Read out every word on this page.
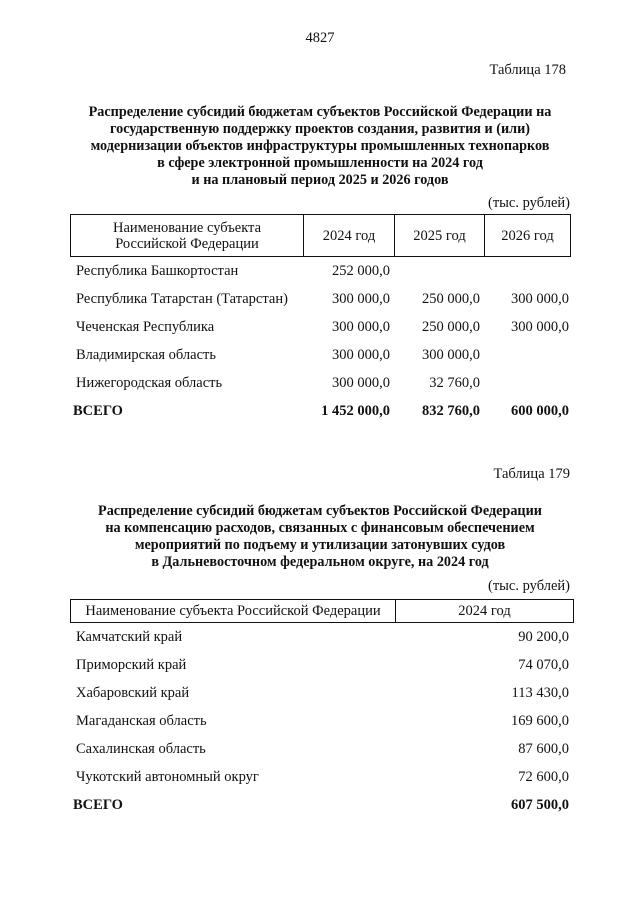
4827
Таблица 178
Распределение субсидий бюджетам субъектов Российской Федерации на
государственную поддержку проектов создания, развития и (или)
модернизации объектов инфраструктуры промышленных технопарков
в сфере электронной промышленности на 2024 год
и на плановый период 2025 и 2026 годов
(тыс. рублей)
Наименование субъекта
Российской Федерации	2024 год	2025 год	2026 год
Республика Башкортостан	252 000,0
Республика Татарстан (Татарстан)	300 000,0 250 000,0 300 000,0
Чеченская Республика	300 000,0 250 000,0 300 000,0
Владимирская область	300 000,0 300 000,0
Нижегородская область	300 000,0	32 760,0
ВСЕГО	1 452 000,0 832 760,0 600 000,0
Таблица 179
Распределение субсидий бюджетам субъектов Российской Федерации
на компенсацию расходов, связанных с финансовым обеспечением
мероприятий по подъему и утилизации затонувших судов
в Дальневосточном федеральном округе, на 2024 год
(тыс. рублей)
Наименование субъекта Российской Федерации	2024 год
Камчатский край	90 200,0
Приморский край	74 070,0
Хабаровский край	113 430,0
Магаданская область	169 600,0
Сахалинская область	87 600,0
Чукотский автономный округ	72 600,0
ВСЕГО	607 500,0
